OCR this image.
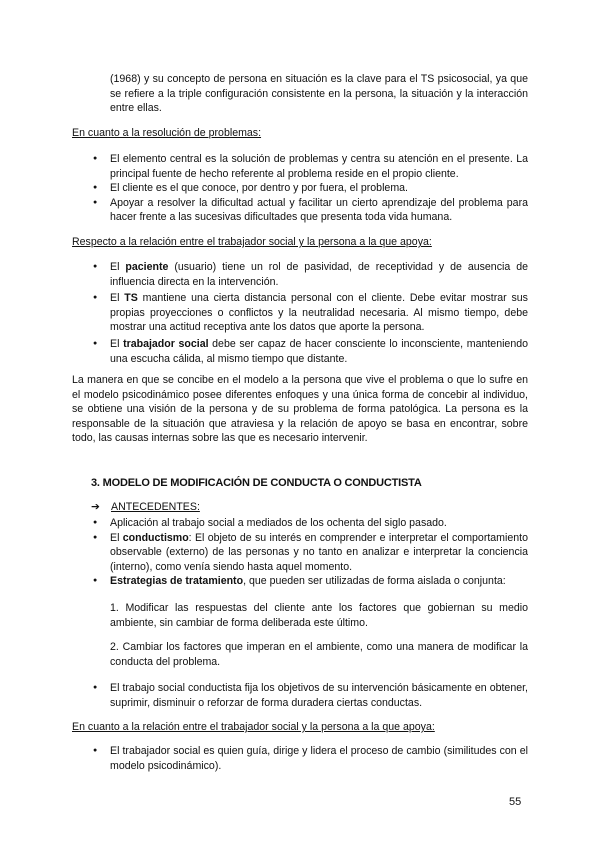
(1968) y su concepto de persona en situación es la clave para el TS psicosocial, ya que se refiere a la triple configuración consistente en la persona, la situación y la interacción entre ellas.

En cuanto a la resolución de problemas:

● El elemento central es la solución de problemas y centra su atención en el presente. La principal fuente de hecho referente al problema reside en el propio cliente.
● El cliente es el que conoce, por dentro y por fuera, el problema.
● Apoyar a resolver la dificultad actual y facilitar un cierto aprendizaje del problema para hacer frente a las sucesivas dificultades que presenta toda vida humana.

Respecto a la relación entre el trabajador social y la persona a la que apoya:

● El paciente (usuario) tiene un rol de pasividad, de receptividad y de ausencia de influencia directa en la intervención.
● El TS mantiene una cierta distancia personal con el cliente. Debe evitar mostrar sus propias proyecciones o conflictos y la neutralidad necesaria. Al mismo tiempo, debe mostrar una actitud receptiva ante los datos que aporte la persona.
● El trabajador social debe ser capaz de hacer consciente lo inconsciente, manteniendo una escucha cálida, al mismo tiempo que distante.

La manera en que se concibe en el modelo a la persona que vive el problema o que lo sufre en el modelo psicodinámico posee diferentes enfoques y una única forma de concebir al individuo, se obtiene una visión de la persona y de su problema de forma patológica. La persona es la responsable de la situación que atraviesa y la relación de apoyo se basa en encontrar, sobre todo, las causas internas sobre las que es necesario intervenir.

3. MODELO DE MODIFICACIÓN DE CONDUCTA O CONDUCTISTA
➔ ANTECEDENTES:
● Aplicación al trabajo social a mediados de los ochenta del siglo pasado.
● El conductismo: El objeto de su interés en comprender e interpretar el comportamiento observable (externo) de las personas y no tanto en analizar e interpretar la conciencia (interno), como venía siendo hasta aquel momento.
● Estrategias de tratamiento, que pueden ser utilizadas de forma aislada o conjunta:

1. Modificar las respuestas del cliente ante los factores que gobiernan su medio ambiente, sin cambiar de forma deliberada este último.

2. Cambiar los factores que imperan en el ambiente, como una manera de modificar la conducta del problema.

● El trabajo social conductista fija los objetivos de su intervención básicamente en obtener, suprimir, disminuir o reforzar de forma duradera ciertas conductas.

En cuanto a la relación entre el trabajador social y la persona a la que apoya:

● El trabajador social es quien guía, dirige y lidera el proceso de cambio (similitudes con el modelo psicodinámico).
55
